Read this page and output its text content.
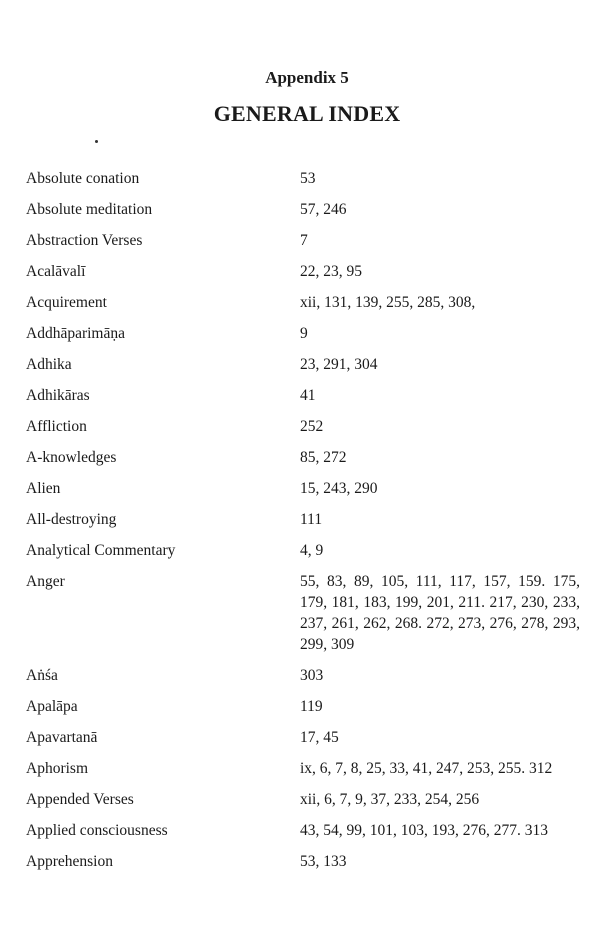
Appendix 5
GENERAL INDEX
Absolute conation	53
Absolute meditation	57, 246
Abstraction Verses	7
Acalāvalī	22, 23, 95
Acquirement	xii, 131, 139, 255, 285, 308,
Addhāparimāṇa	9
Adhika	23, 291, 304
Adhikāras	41
Affliction	252
A-knowledges	85, 272
Alien	15, 243, 290
All-destroying	111
Analytical Commentary	4, 9
Anger	55, 83, 89, 105, 111, 117, 157, 159. 175, 179, 181, 183, 199, 201, 211. 217, 230, 233, 237, 261, 262, 268. 272, 273, 276, 278, 293, 299, 309
Aṅśa	303
Apalāpa	119
Apavartanā	17, 45
Aphorism	ix, 6, 7, 8, 25, 33, 41, 247, 253, 255. 312
Appended Verses	xii, 6, 7, 9, 37, 233, 254, 256
Applied consciousness	43, 54, 99, 101, 103, 193, 276, 277. 313
Apprehension	53, 133
